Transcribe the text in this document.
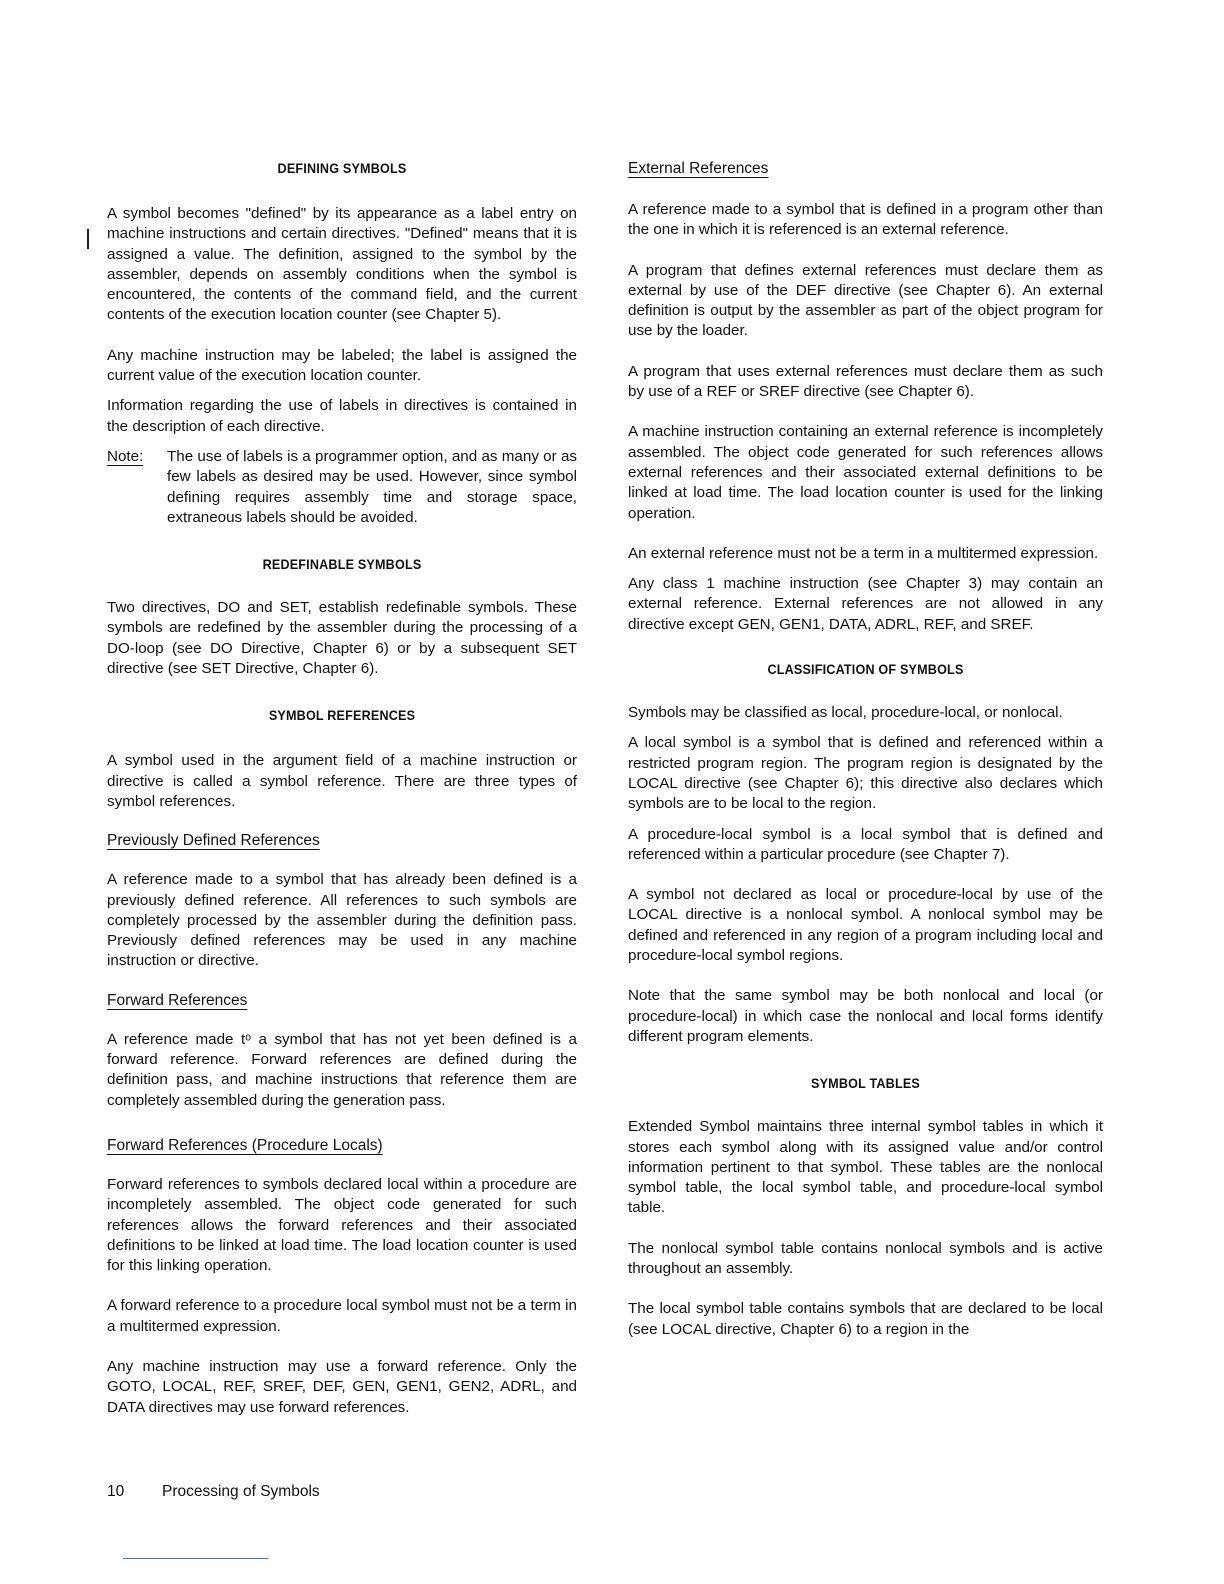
DEFINING SYMBOLS

A symbol becomes "defined" by its appearance as a label entry on machine instructions and certain directives. "Defined" means that it is assigned a value. The definition, assigned to the symbol by the assembler, depends on assembly conditions when the symbol is encountered, the contents of the command field, and the current contents of the execution location counter (see Chapter 5).

Any machine instruction may be labeled; the label is assigned the current value of the execution location counter.

Information regarding the use of labels in directives is contained in the description of each directive.

Note:	The use of labels is a programmer option, and as many or as few labels as desired may be used. However, since symbol defining requires assembly time and storage space, extraneous labels should be avoided.
REDEFINABLE SYMBOLS

Two directives, DO and SET, establish redefinable symbols. These symbols are redefined by the assembler during the processing of a DO-loop (see DO Directive, Chapter 6) or by a subsequent SET directive (see SET Directive, Chapter 6).

SYMBOL REFERENCES

A symbol used in the argument field of a machine instruction or directive is called a symbol reference. There are three types of symbol references.

Previously Defined References

A reference made to a symbol that has already been defined is a previously defined reference. All references to such symbols are completely processed by the assembler during the definition pass. Previously defined references may be used in any machine instruction or directive.

Forward References

A reference made tᵒ a symbol that has not yet been defined is a forward reference. Forward references are defined during the definition pass, and machine instructions that reference them are completely assembled during the generation pass.

Forward References (Procedure Locals)

Forward references to symbols declared local within a procedure are incompletely assembled. The object code generated for such references allows the forward references and their associated definitions to be linked at load time. The load location counter is used for this linking operation.

A forward reference to a procedure local symbol must not be a term in a multitermed expression.

Any machine instruction may use a forward reference. Only the GOTO, LOCAL, REF, SREF, DEF, GEN, GEN1, GEN2, ADRL, and DATA directives may use forward references.

External References

A reference made to a symbol that is defined in a program other than the one in which it is referenced is an external reference.

A program that defines external references must declare them as external by use of the DEF directive (see Chapter 6). An external definition is output by the assembler as part of the object program for use by the loader.

A program that uses external references must declare them as such by use of a REF or SREF directive (see Chapter 6).

A machine instruction containing an external reference is incompletely assembled. The object code generated for such references allows external references and their associated external definitions to be linked at load time. The load location counter is used for the linking operation.

An external reference must not be a term in a multitermed expression.

Any class 1 machine instruction (see Chapter 3) may contain an external reference. External references are not allowed in any directive except GEN, GEN1, DATA, ADRL, REF, and SREF.

CLASSIFICATION OF SYMBOLS

Symbols may be classified as local, procedure-local, or nonlocal.

A local symbol is a symbol that is defined and referenced within a restricted program region. The program region is designated by the LOCAL directive (see Chapter 6); this directive also declares which symbols are to be local to the region.

A procedure-local symbol is a local symbol that is defined and referenced within a particular procedure (see Chapter 7).

A symbol not declared as local or procedure-local by use of the LOCAL directive is a nonlocal symbol. A nonlocal symbol may be defined and referenced in any region of a program including local and procedure-local symbol regions.

Note that the same symbol may be both nonlocal and local (or procedure-local) in which case the nonlocal and local forms identify different program elements.

SYMBOL TABLES

Extended Symbol maintains three internal symbol tables in which it stores each symbol along with its assigned value and/or control information pertinent to that symbol. These tables are the nonlocal symbol table, the local symbol table, and procedure-local symbol table.

The nonlocal symbol table contains nonlocal symbols and is active throughout an assembly.

The local symbol table contains symbols that are declared to be local (see LOCAL directive, Chapter 6) to a region in the

10 Processing of Symbols
